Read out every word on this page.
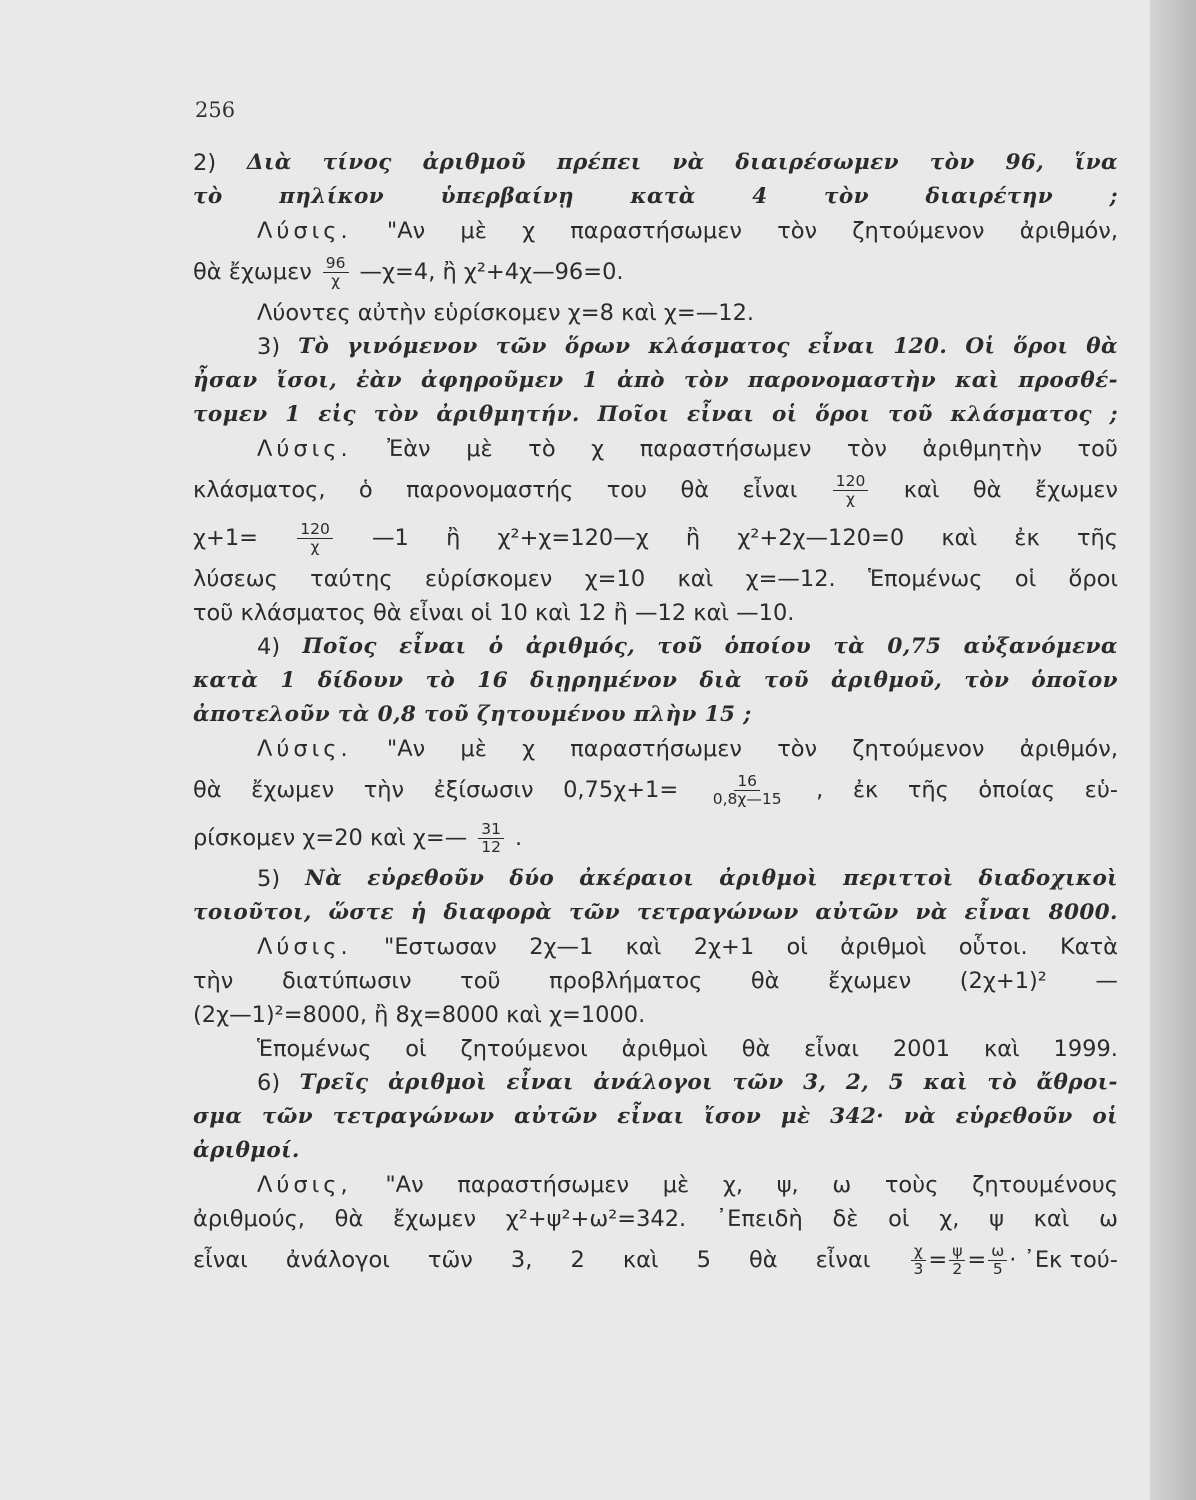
256
2) Διὰ τίνος ἀριθμοῦ πρέπει νὰ διαιρέσωμεν τὸν 96, ἵνα
τὸ	πηλίκον	ὑπερβαίνῃ	κατὰ	4	τὸν	διαιρέτην	;
Λύσις. "Αν μὲ χ παραστήσωμεν τὸν ζητούμενον ἀριθμόν,
θὰ ἔχωμεν $\frac{96}{\chi}$ —χ=4, ἢ χ²+4χ—96=0.
Λύοντες αὐτὴν εὑρίσκομεν χ=8 καὶ χ=—12.
3) Τὸ γινόμενον τῶν ὅρων κλάσματος εἶναι 120. Οἱ ὅροι θὰ
ἦσαν ἴσοι, ἐὰν ἀφηροῦμεν 1 ἀπὸ τὸν παρονομαστὴν καὶ προσθέ-
τομεν 1 εἰς τὸν ἀριθμητήν. Ποῖοι εἶναι οἱ ὅροι τοῦ κλάσματος ;
Λύσις. Ἐὰν μὲ τὸ χ παραστήσωμεν τὸν ἀριθμητὴν τοῦ
κλάσματος, ὁ παρονομαστής του θὰ εἶναι $\frac{120}{\chi}$ καὶ θὰ ἔχωμεν
χ+1=	$\frac{120}{\chi}$ —1 ἢ χ²+χ=120—χ ἢ χ²+2χ—120=0 καὶ ἐκ τῆς
λύσεως ταύτης εὑρίσκομεν χ=10 καὶ χ=—12. Ἑπομένως οἱ ὅροι
τοῦ κλάσματος θὰ εἶναι οἱ 10 καὶ 12 ἢ —12 καὶ —10.
4) Ποῖος εἶναι ὁ ἀριθμός, τοῦ ὁποίου τὰ 0,75 αὐξανόμενα
κατὰ 1 δίδουν τὸ 16 διῃρημένον διὰ τοῦ ἀριθμοῦ, τὸν ὁποῖον
ἀποτελοῦν τὰ 0,8 τοῦ ζητουμένου πλὴν 15 ;
Λύσις. "Αν μὲ χ παραστήσωμεν τὸν ζητούμενον ἀριθμόν,
θὰ ἔχωμεν τὴν ἐξίσωσιν $0,75\chi+1= \frac{16}{0,8\chi—15}$ , ἐκ τῆς ὁποίας εὑ-
ρίσκομεν χ=20 καὶ χ=— $\frac{31}{12}$ .
5) Νὰ εὑρεθοῦν δύο ἀκέραιοι ἀριθμοὶ περιττοὶ διαδοχικοὶ
τοιοῦτοι, ὥστε ἡ διαφορὰ τῶν τετραγώνων αὐτῶν νὰ εἶναι 8000.
Λύσις. "Εστωσαν 2χ—1 καὶ 2χ+1 οἱ ἀριθμοὶ οὗτοι. Κατὰ
τὴν διατύπωσιν τοῦ προβλήματος θὰ ἔχωμεν (2χ+1)² —
(2χ—1)²=8000, ἢ 8χ=8000 καὶ χ=1000.
Ἑπομένως οἱ ζητούμενοι ἀριθμοὶ θὰ εἶναι 2001 καὶ 1999.
6) Τρεῖς ἀριθμοὶ εἶναι ἀνάλογοι τῶν 3, 2, 5 καὶ τὸ ἄθροι-
σμα τῶν τετραγώνων αὐτῶν εἶναι ἴσον μὲ 342· νὰ εὑρεθοῦν οἱ
ἀριθμοί.
Λύσις, "Αν παραστήσωμεν μὲ χ, ψ, ω τοὺς ζητουμένους
ἀριθμούς, θὰ ἔχωμεν χ²+ψ²+ω²=342. ᾿Επειδὴ δὲ οἱ χ, ψ καὶ ω
εἶναι ἀνάλογοι τῶν 3, 2 καὶ 5 θὰ εἶναι	$\frac{\chi}{3} = \frac{\psi}{2} = \frac{\omega}{5}$ · ᾿Εκ τού-
